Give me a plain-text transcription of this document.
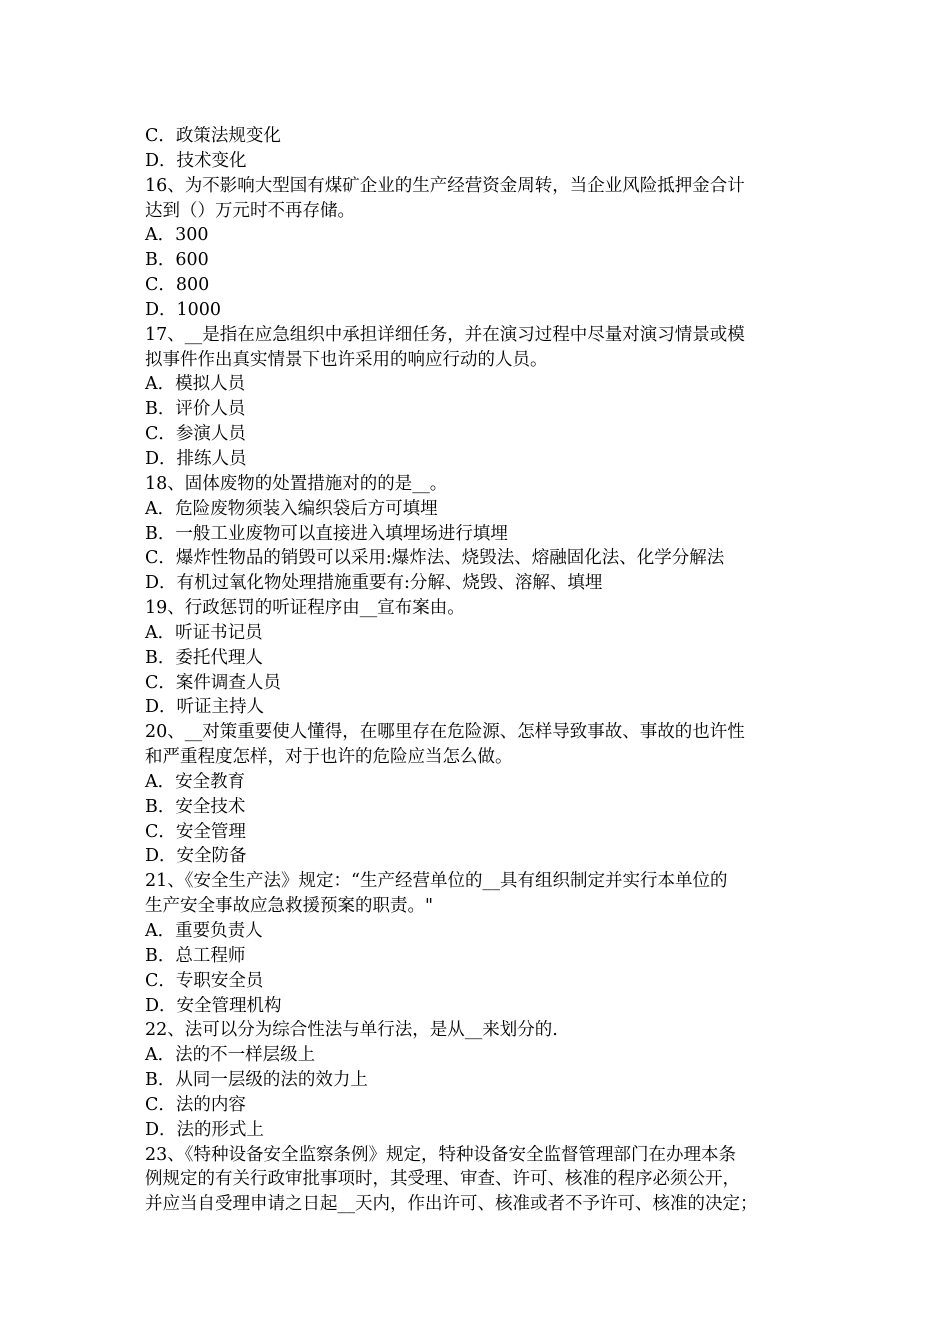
C．政策法规变化
D．技术变化
16、为不影响大型国有煤矿企业的生产经营资金周转，当企业风险抵押金合计
达到（）万元时不再存储。
A．300
B．600
C．800
D．1000
17、__是指在应急组织中承担详细任务，并在演习过程中尽量对演习情景或模
拟事件作出真实情景下也许采用的响应行动的人员。
A．模拟人员
B．评价人员
C．参演人员
D．排练人员
18、固体废物的处置措施对的的是__。
A．危险废物须装入编织袋后方可填埋
B．一般工业废物可以直接进入填埋场进行填埋
C．爆炸性物品的销毁可以采用:爆炸法、烧毁法、熔融固化法、化学分解法
D．有机过氧化物处理措施重要有:分解、烧毁、溶解、填埋
19、行政惩罚的听证程序由__宣布案由。
A．听证书记员
B．委托代理人
C．案件调查人员
D．听证主持人
20、__对策重要使人懂得，在哪里存在危险源、怎样导致事故、事故的也许性
和严重程度怎样，对于也许的危险应当怎么做。
A．安全教育
B．安全技术
C．安全管理
D．安全防备
21、《安全生产法》规定：“生产经营单位的__具有组织制定并实行本单位的
生产安全事故应急救援预案的职责。"
A．重要负责人
B．总工程师
C．专职安全员
D．安全管理机构
22、法可以分为综合性法与单行法，是从__来划分的.
A．法的不一样层级上
B．从同一层级的法的效力上
C．法的内容
D．法的形式上
23、《特种设备安全监察条例》规定，特种设备安全监督管理部门在办理本条
例规定的有关行政审批事项时，其受理、审查、许可、核准的程序必须公开，
并应当自受理申请之日起__天内，作出许可、核准或者不予许可、核准的决定；
